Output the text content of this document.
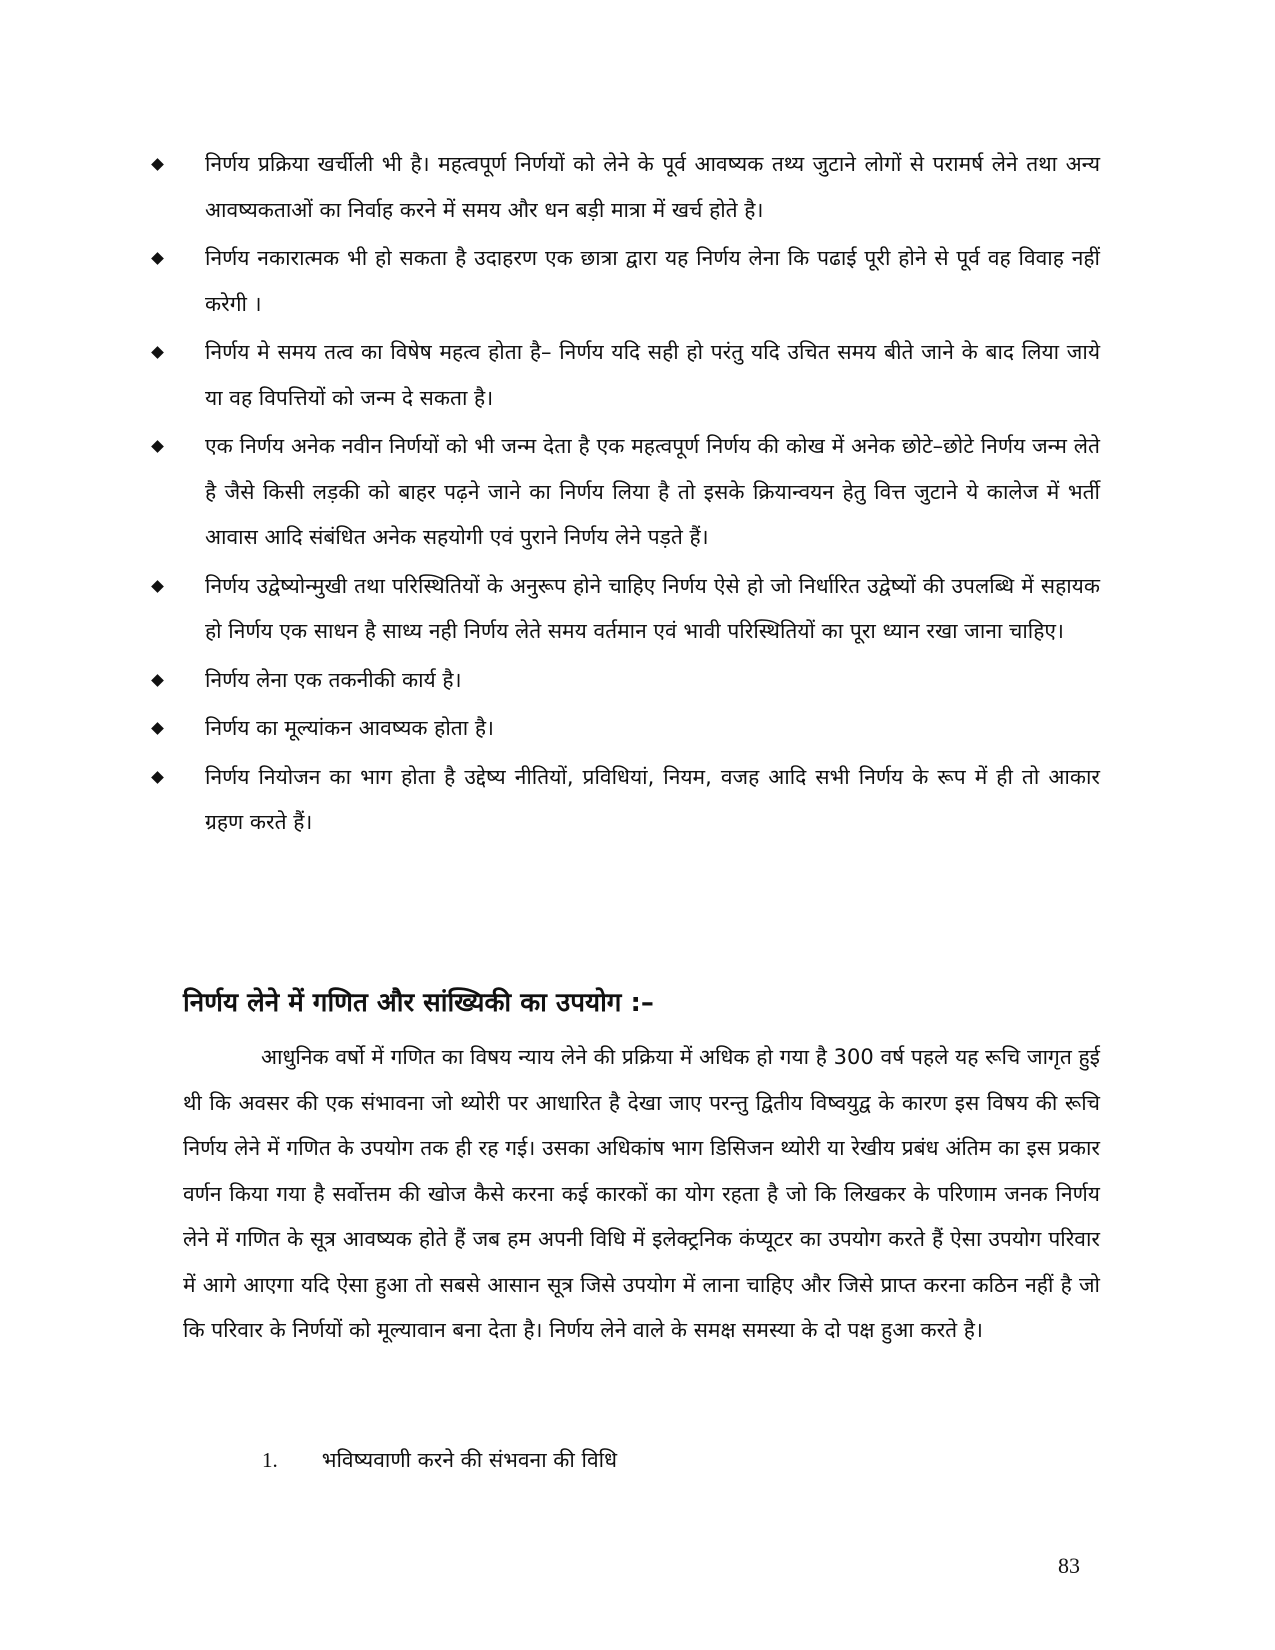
निर्णय प्रक्रिया खर्चीली भी है। महत्वपूर्ण निर्णयों को लेने के पूर्व आवष्यक तथ्य जुटाने लोगों से परामर्ष लेने तथा अन्य आवष्यकताओं का निर्वाह करने में समय और धन बड़ी मात्रा में खर्च होते है।
निर्णय नकारात्मक भी हो सकता है उदाहरण एक छात्रा द्वारा यह निर्णय लेना कि पढाई पूरी होने से पूर्व वह विवाह नहीं करेगी ।
निर्णय मे समय तत्व का विषेष महत्व होता है– निर्णय यदि सही हो परंतु यदि उचित समय बीते जाने के बाद लिया जाये या वह विपत्तियों को जन्म दे सकता है।
एक निर्णय अनेक नवीन निर्णयों को भी जन्म देता है एक महत्वपूर्ण निर्णय की कोख में अनेक छोटे–छोटे निर्णय जन्म लेते है जैसे किसी लड़की को बाहर पढ़ने जाने का निर्णय लिया है तो इसके क्रियान्वयन हेतु वित्त जुटाने ये कालेज में भर्ती आवास आदि संबंधित अनेक सहयोगी एवं पुराने निर्णय लेने पड़ते हैं।
निर्णय उद्वेष्योन्मुखी तथा परिस्थितियों के अनुरूप होने चाहिए निर्णय ऐसे हो जो निर्धारित उद्वेष्यों की उपलब्धि में सहायक हो निर्णय एक साधन है साध्य नही निर्णय लेते समय वर्तमान एवं भावी परिस्थितियों का पूरा ध्यान रखा जाना चाहिए।
निर्णय लेना एक तकनीकी कार्य है।
निर्णय का मूल्यांकन आवष्यक होता है।
निर्णय नियोजन का भाग होता है उद्देष्य नीतियों, प्रविधियां, नियम, वजह आदि सभी निर्णय के रूप में ही तो आकार ग्रहण करते हैं।
निर्णय लेने में गणित और सांख्यिकी का उपयोग :–

आधुनिक वर्षो में गणित का विषय न्याय लेने की प्रक्रिया में अधिक हो गया है 300 वर्ष पहले यह रूचि जागृत हुई थी कि अवसर की एक संभावना जो थ्योरी पर आधारित है देखा जाए परन्तु द्वितीय विष्वयुद्व के कारण इस विषय की रूचि निर्णय लेने में गणित के उपयोग तक ही रह गई। उसका अधिकांष भाग डिसिजन थ्योरी या रेखीय प्रबंध अंतिम का इस प्रकार वर्णन किया गया है सर्वोत्तम की खोज कैसे करना कई कारकों का योग रहता है जो कि लिखकर के परिणाम जनक निर्णय लेने में गणित के सूत्र आवष्यक होते हैं जब हम अपनी विधि में इलेक्ट्रनिक कंप्यूटर का उपयोग करते हैं ऐसा उपयोग परिवार में आगे आएगा यदि ऐसा हुआ तो सबसे आसान सूत्र जिसे उपयोग में लाना चाहिए और जिसे प्राप्त करना कठिन नहीं है जो कि परिवार के निर्णयों को मूल्यावान बना देता है। निर्णय लेने वाले के समक्ष समस्या के दो पक्ष हुआ करते है।

1. भविष्यवाणी करने की संभवना की विधि
83
